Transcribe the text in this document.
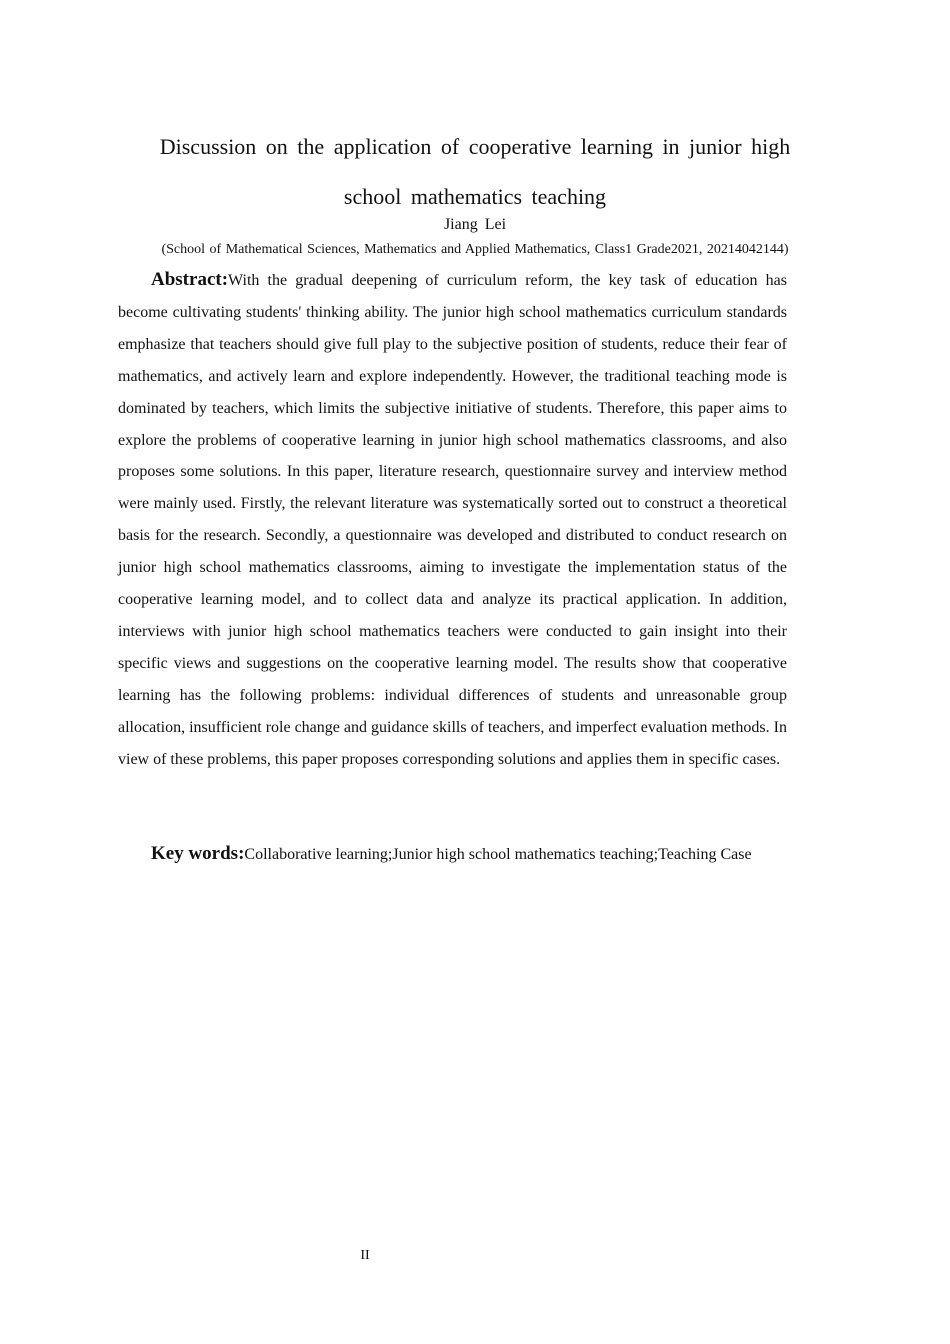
Discussion on the application of cooperative learning in junior high
school mathematics teaching
Jiang Lei
(School of Mathematical Sciences, Mathematics and Applied Mathematics, Class1 Grade2021, 20214042144)

Abstract:With the gradual deepening of curriculum reform, the key task of education has become cultivating students' thinking ability. The junior high school mathematics curriculum standards emphasize that teachers should give full play to the subjective position of students, reduce their fear of mathematics, and actively learn and explore independently. However, the traditional teaching mode is dominated by teachers, which limits the subjective initiative of students. Therefore, this paper aims to explore the problems of cooperative learning in junior high school mathematics classrooms, and also proposes some solutions. In this paper, literature research, questionnaire survey and interview method were mainly used. Firstly, the relevant literature was systematically sorted out to construct a theoretical basis for the research. Secondly, a questionnaire was developed and distributed to conduct research on junior high school mathematics classrooms, aiming to investigate the implementation status of the cooperative learning model, and to collect data and analyze its practical application. In addition, interviews with junior high school mathematics teachers were conducted to gain insight into their specific views and suggestions on the cooperative learning model. The results show that cooperative learning has the following problems: individual differences of students and unreasonable group allocation, insufficient role change and guidance skills of teachers, and imperfect evaluation methods. In view of these problems, this paper proposes corresponding solutions and applies them in specific cases.

Key words:Collaborative learning;Junior high school mathematics teaching;Teaching Case

II
